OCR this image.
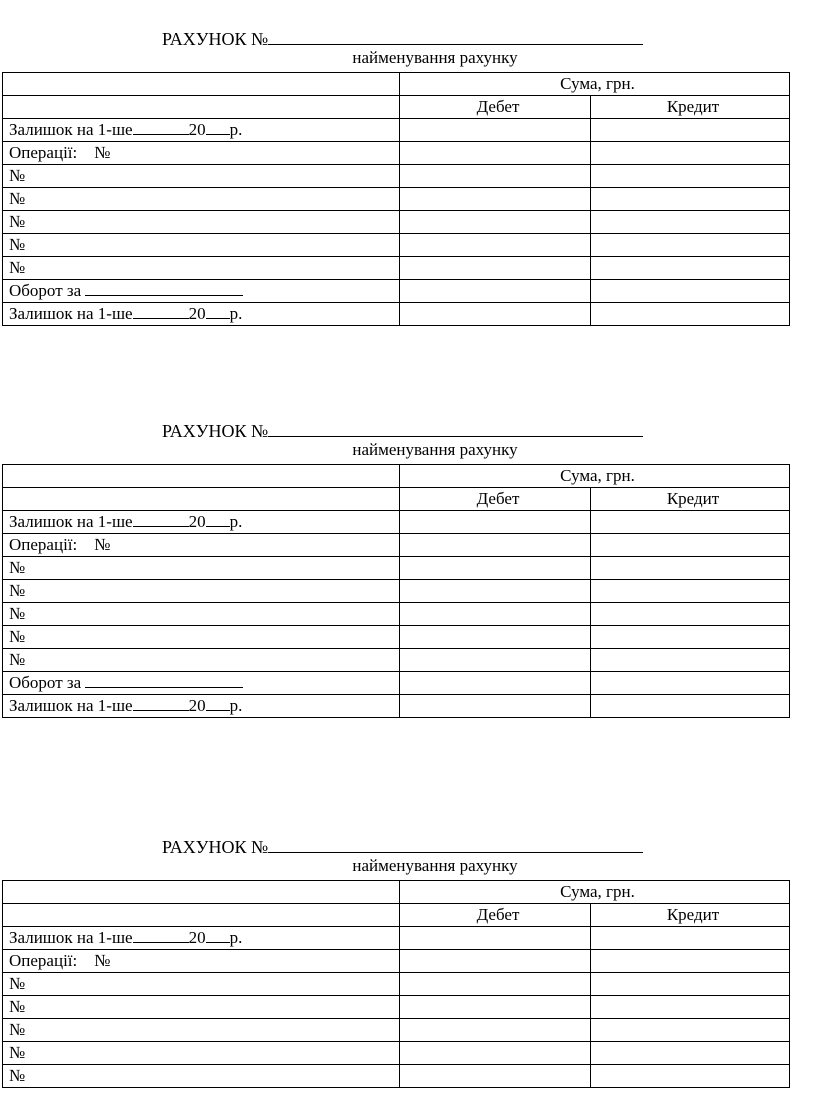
РАХУНОК №
найменування рахунку
	Сума, грн.	
	Дебет	Кредит
Залишок на 1-ше 20 р.		
Операції: №		
№		
№		
№		
№		
№		
Оборот за		
Залишок на 1-ше 20 р.		
РАХУНОК №
найменування рахунку
	Сума, грн.	
	Дебет	Кредит
Залишок на 1-ше 20 р.		
Операції: №		
№		
№		
№		
№		
№		
Оборот за		
Залишок на 1-ше 20 р.		
РАХУНОК №
найменування рахунку
	Сума, грн.	
	Дебет	Кредит
Залишок на 1-ше 20 р.		
Операції: №		
№		
№		
№		
№		
№		
